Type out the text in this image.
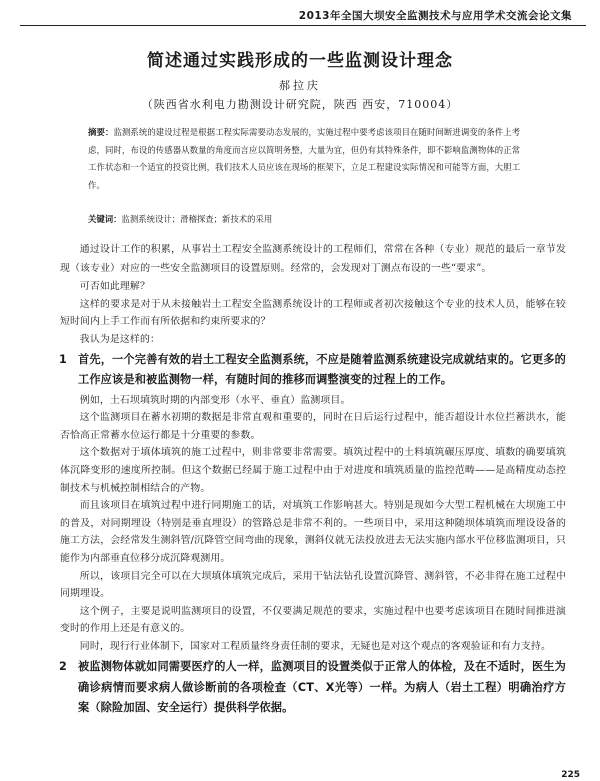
2013年全国大坝安全监测技术与应用学术交流会论文集
简述通过实践形成的一些监测设计理念
郝拉庆
（陕西省水利电力勘测设计研究院，陕西 西安，710004）
摘要：监测系统的建设过程是根据工程实际需要动态发展的，实施过程中要考虑该项目在随时间断进调变的条件上考虑，同时，布设的传感器从数量的角度而言应以简明务整，大量为宜，但仍有其特殊条件，即不影响监测物体的正常工作状态和一个适宜的投资比例，我们技术人员应该在现场的框架下，立足工程建设实际情况和可能等方面，大胆工作。
关键词：监测系统设计；滑稽探查；新技术的采用

通过设计工作的积累，从事岩土工程安全监测系统设计的工程师们，常常在各种（专业）规范的最后一章节发现（该专业）对应的一些安全监测项目的设置原则。经常的，会发现对丁测点布设的一些“要求”。

可否如此理解？

这样的要求是对于从未接触岩土工程安全监测系统设计的工程师或者初次接触这个专业的技术人员，能够在较短时间内上手工作而有所依据和约束所要求的？

我认为是这样的：

1 首先，一个完善有效的岩土工程安全监测系统，不应是随着监测系统建设完成就结束的。它更多的工作应该是和被监测物一样，有随时间的推移而调整演变的过程上的工作。

例如，土石坝填筑时期的内部变形（水平、垂直）监测项目。

这个监测项目在蓄水初期的数据是非常直观和重要的，同时在日后运行过程中，能否超设计水位拦蓄洪水，能否恰高正常蓄水位运行都是十分重要的参数。

这个数据对于填体填筑的施工过程中，则非常要非常需要。填筑过程中的土料填筑碾压厚度、填数的确要填筑体沉降变形的速度所控制。但这个数据已经属于施工过程中由于对进度和填筑质量的监控范畴——是高精度动态控制技术与机械控制相结合的产物。

而且该项目在填筑过程中进行同期施工的话，对填筑工作影响甚大。特别是现如今大型工程机械在大坝施工中的普及，对同期埋设（特别是垂直埋设）的管路总是非常不利的。一些项目中，采用这种随坝体填筑而埋设设备的施工方法，会经常发生测斜管/沉降管空间弯曲的现象，测斜仪就无法投放进去无法实施内部水平位移监测项目，只能作为内部垂直位移分成沉降观测用。

所以，该项目完全可以在大坝填体填筑完成后，采用干钻法钻孔设置沉降管、测斜管，不必非得在施工过程中同期埋设。

这个例子，主要是说明监测项目的设置，不仅要满足规范的要求，实施过程中也要考虑该项目在随时间推进演变时的作用上还是有意义的。

同时，现行行业体制下，国家对工程质量终身责任制的要求，无疑也是对这个观点的客观验证和有力支持。

2 被监测物体就如同需要医疗的人一样，监测项目的设置类似于正常人的体检，及在不适时，医生为确诊病情而要求病人做诊断前的各项检查（CT、X光等）一样。为病人（岩土工程）明确治疗方案（除险加固、安全运行）提供科学依据。
225
